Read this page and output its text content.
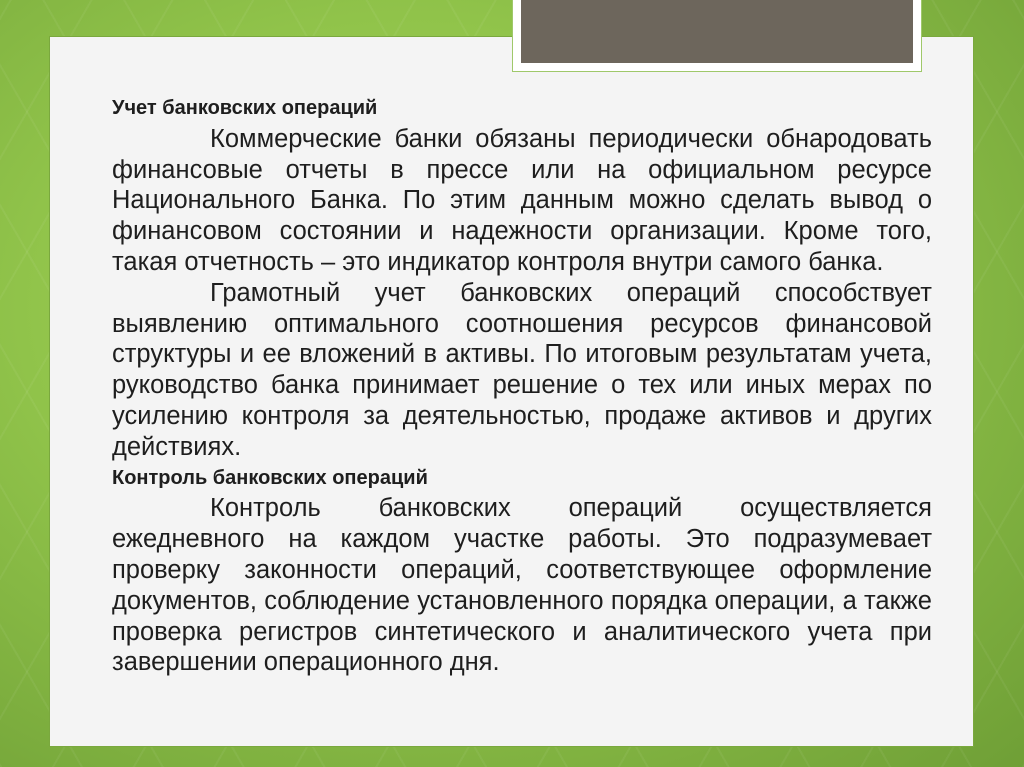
Учет банковских операций

Коммерческие банки обязаны периодически обнародовать финансовые отчеты в прессе или на официальном ресурсе Национального Банка. По этим данным можно сделать вывод о финансовом состоянии и надежности организации. Кроме того, такая отчетность – это индикатор контроля внутри самого банка.

Грамотный учет банковских операций способствует выявлению оптимального соотношения ресурсов финансовой структуры и ее вложений в активы. По итоговым результатам учета, руководство банка принимает решение о тех или иных мерах по усилению контроля за деятельностью, продаже активов и других действиях.

Контроль банковских операций

Контроль банковских операций осуществляется ежедневного на каждом участке работы. Это подразумевает проверку законности операций, соответствующее оформление документов, соблюдение установленного порядка операции, а также проверка регистров синтетического и аналитического учета при завершении операционного дня.
